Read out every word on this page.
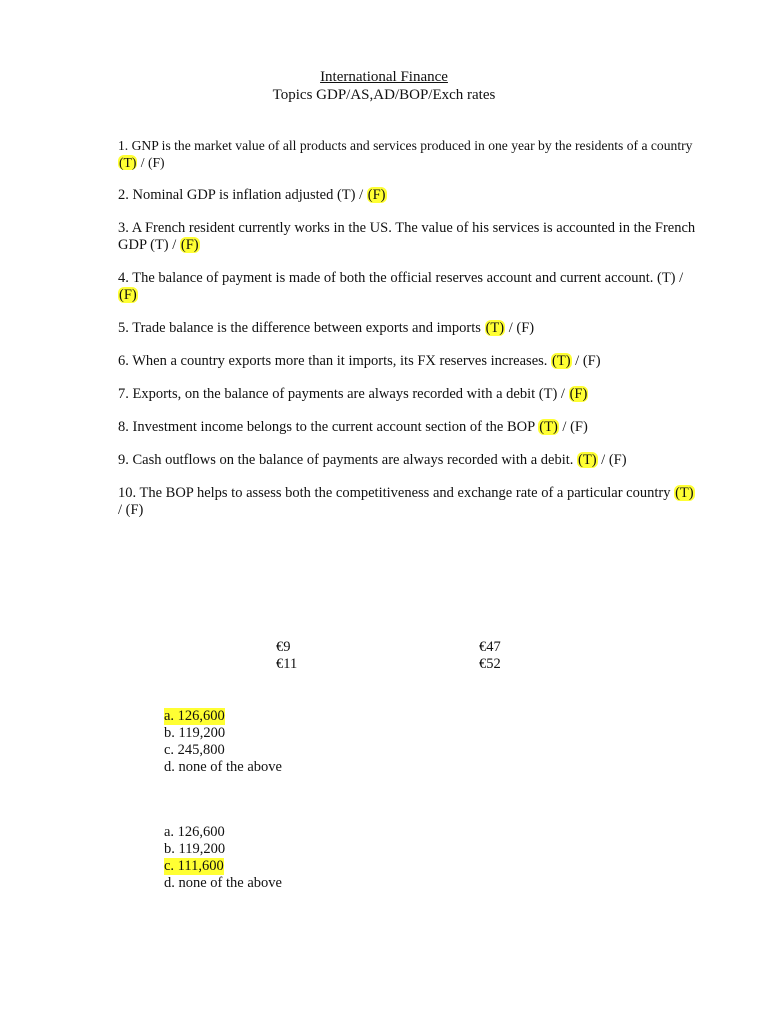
International Finance
Topics GDP/AS,AD/BOP/Exch rates
1. GNP is the market value of all products and services produced in one year by the residents of a country (T) / (F)
2. Nominal GDP is inflation adjusted (T) / (F)
3. A French resident currently works in the US. The value of his services is accounted in the French GDP (T) / (F)
4. The balance of payment is made of both the official reserves account and current account. (T) / (F)
5. Trade balance is the difference between exports and imports (T) / (F)
6. When a country exports more than it imports, its FX reserves increases. (T) / (F)
7. Exports, on the balance of payments are always recorded with a debit (T) / (F)
8. Investment income belongs to the current account section of the BOP (T) / (F)
9. Cash outflows on the balance of payments are always recorded with a debit. (T) / (F)
10. The BOP helps to assess both the competitiveness and exchange rate of a particular country (T) / (F)
€9
€11
€47
€52
a. 126,600
b. 119,200
c. 245,800
d. none of the above
a. 126,600
b. 119,200
c. 111,600
d. none of the above
